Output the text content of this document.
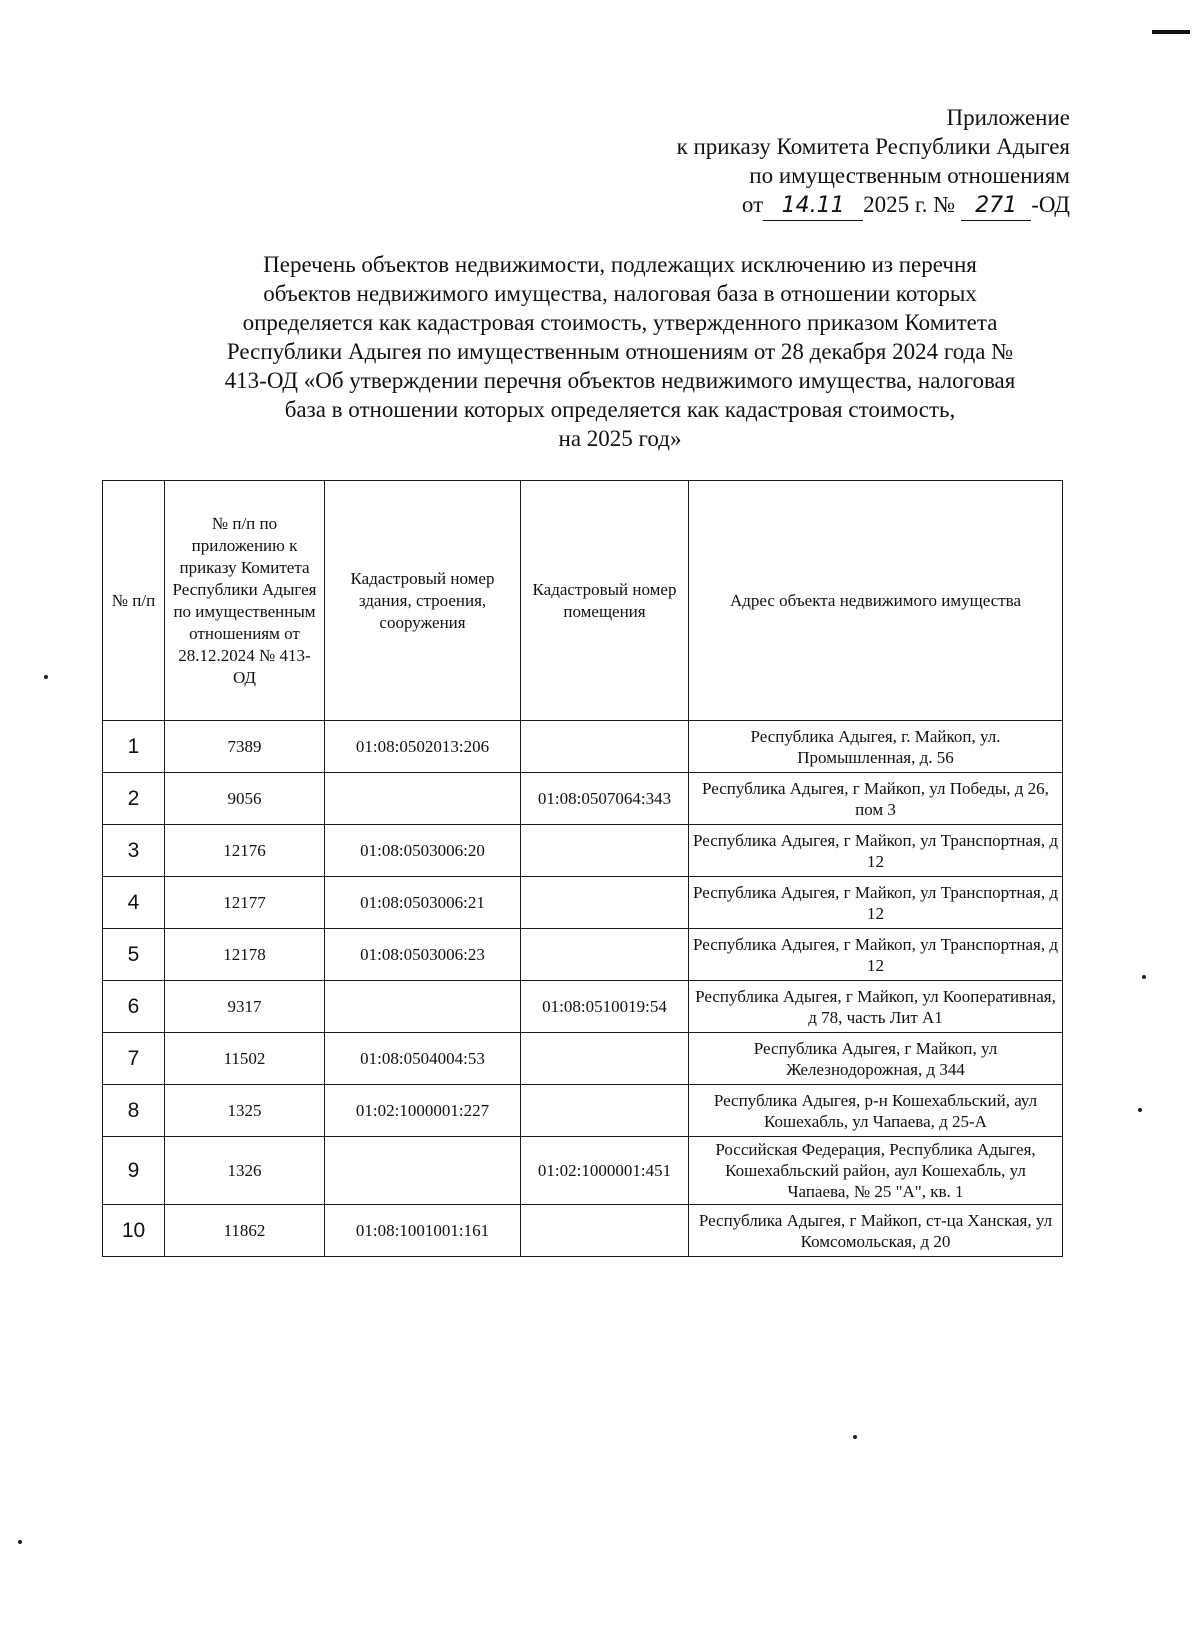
Приложение
к приказу Комитета Республики Адыгея
по имущественным отношениям
от 14.11 2025 г. № 271 -ОД
Перечень объектов недвижимости, подлежащих исключению из перечня
объектов недвижимого имущества, налоговая база в отношении которых
определяется как кадастровая стоимость, утвержденного приказом Комитета
Республики Адыгея по имущественным отношениям от 28 декабря 2024 года №
413-ОД «Об утверждении перечня объектов недвижимого имущества, налоговая
база в отношении которых определяется как кадастровая стоимость,
на 2025 год»
№ п/п	№ п/п по приложению к приказу Комитета Республики Адыгея по имущественным отношениям от 28.12.2024 № 413-ОД	Кадастровый номер здания, строения, сооружения	Кадастровый номер помещения	Адрес объекта недвижимого имущества
1	7389	01:08:0502013:206		Республика Адыгея, г. Майкоп, ул. Промышленная, д. 56
2	9056		01:08:0507064:343	Республика Адыгея, г Майкоп, ул Победы, д 26, пом 3
3	12176	01:08:0503006:20		Республика Адыгея, г Майкоп, ул Транспортная, д 12
4	12177	01:08:0503006:21		Республика Адыгея, г Майкоп, ул Транспортная, д 12
5	12178	01:08:0503006:23		Республика Адыгея, г Майкоп, ул Транспортная, д 12
6	9317		01:08:0510019:54	Республика Адыгея, г Майкоп, ул Кооперативная, д 78, часть Лит А1
7	11502	01:08:0504004:53		Республика Адыгея, г Майкоп, ул Железнодорожная, д 344
8	1325	01:02:1000001:227		Республика Адыгея, р-н Кошехабльский, аул Кошехабль, ул Чапаева, д 25-А
9	1326		01:02:1000001:451	Российская Федерация, Республика Адыгея, Кошехабльский район, аул Кошехабль, ул Чапаева, № 25 "А", кв. 1
10	11862	01:08:1001001:161		Республика Адыгея, г Майкоп, ст-ца Ханская, ул Комсомольская, д 20
